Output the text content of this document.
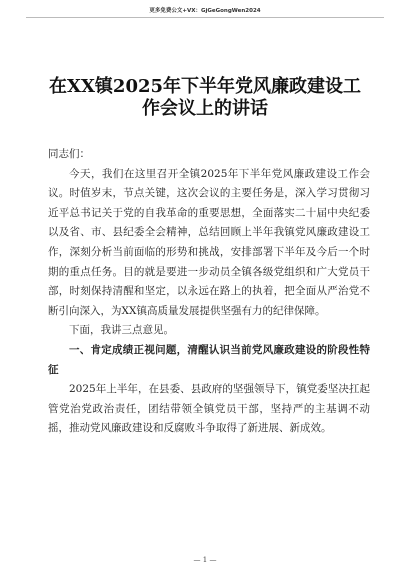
更多免费公文+VX：GjGeGongWen2024
在XX镇2025年下半年党风廉政建设工
作会议上的讲话

同志们：

今天，我们在这里召开全镇2025年下半年党风廉政建设工作会议。时值岁末，节点关键，这次会议的主要任务是，深入学习贯彻习近平总书记关于党的自我革命的重要思想，全面落实二十届中央纪委以及省、市、县纪委全会精神，总结回顾上半年我镇党风廉政建设工作，深刻分析当前面临的形势和挑战，安排部署下半年及今后一个时期的重点任务。目的就是要进一步动员全镇各级党组织和广大党员干部，时刻保持清醒和坚定，以永远在路上的执着，把全面从严治党不断引向深入，为XX镇高质量发展提供坚强有力的纪律保障。

下面，我讲三点意见。

一、肯定成绩正视问题，清醒认识当前党风廉政建设的阶段性特征

2025年上半年，在县委、县政府的坚强领导下，镇党委坚决扛起管党治党政治责任，团结带领全镇党员干部，坚持严的主基调不动摇，推动党风廉政建设和反腐败斗争取得了新进展、新成效。

— 1 —
